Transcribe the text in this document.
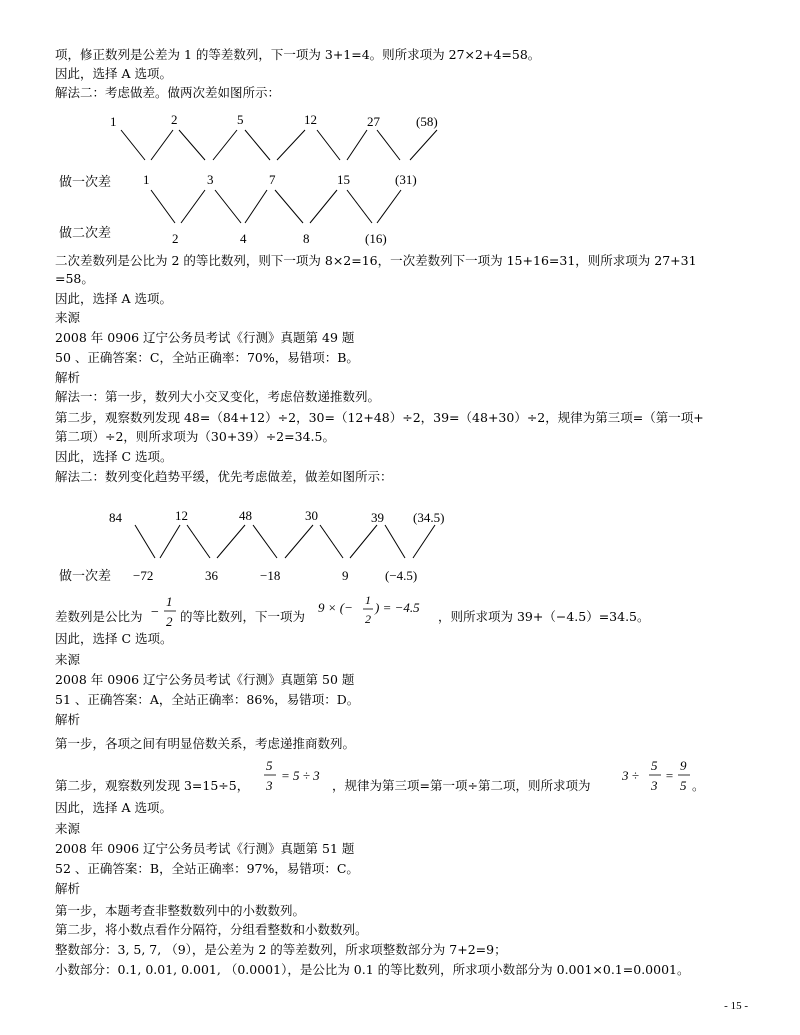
项，修正数列是公差为 1 的等差数列，下一项为 3+1=4。则所求项为 27×2+4=58。
因此，选择 A 选项。
解法二：考虑做差。做两次差如图所示：
1	2	5	12	27	(58)
做一次差 1	3	7	15	(31)
做二次差	2	4	8	(16)
二次差数列是公比为 2 的等比数列，则下一项为 8×2=16，一次差数列下一项为 15+16=31，则所求项为 27+31
=58。
因此，选择 A 选项。
来源
2008 年 0906 辽宁公务员考试《行测》真题第 49 题
50 、正确答案：C，全站正确率：70%，易错项：B。
解析
解法一：第一步，数列大小交叉变化，考虑倍数递推数列。
第二步，观察数列发现 48=（84+12）÷2，30=（12+48）÷2，39=（48+30）÷2，规律为第三项=（第一项+
第二项）÷2，则所求项为（30+39）÷2=34.5。
因此，选择 C 选项。
解法二：数列变化趋势平缓，优先考虑做差，做差如图所示：
84	12	48	30	39 (34.5)
做一次差 −72	36	−18	9	(−4.5)
差数列是公比为 −
1
2 的等比数列，下一项为
9 × (− 1
2
) = −4.5
，则所求项为 39+（−4.5）=34.5。
因此，选择 C 选项。
来源
2008 年 0906 辽宁公务员考试《行测》真题第 50 题
51 、正确答案：A，全站正确率：86%，易错项：D。
解析
第一步，各项之间有明显倍数关系，考虑递推商数列。
第二步，观察数列发现 3=15÷5，
5
3
= 5 ÷ 3
，规律为第三项=第一项÷第二项，则所求项为
3 ÷
5
3
=
9
5 。
因此，选择 A 选项。
来源
2008 年 0906 辽宁公务员考试《行测》真题第 51 题
52 、正确答案：B，全站正确率：97%，易错项：C。
解析
第一步，本题考查非整数数列中的小数数列。
第二步，将小数点看作分隔符，分组看整数和小数数列。
整数部分：3, 5, 7, （9），是公差为 2 的等差数列，所求项整数部分为 7+2=9；
小数部分：0.1, 0.01, 0.001, （0.0001），是公比为 0.1 的等比数列，所求项小数部分为 0.001×0.1=0.0001。
- 15 -
